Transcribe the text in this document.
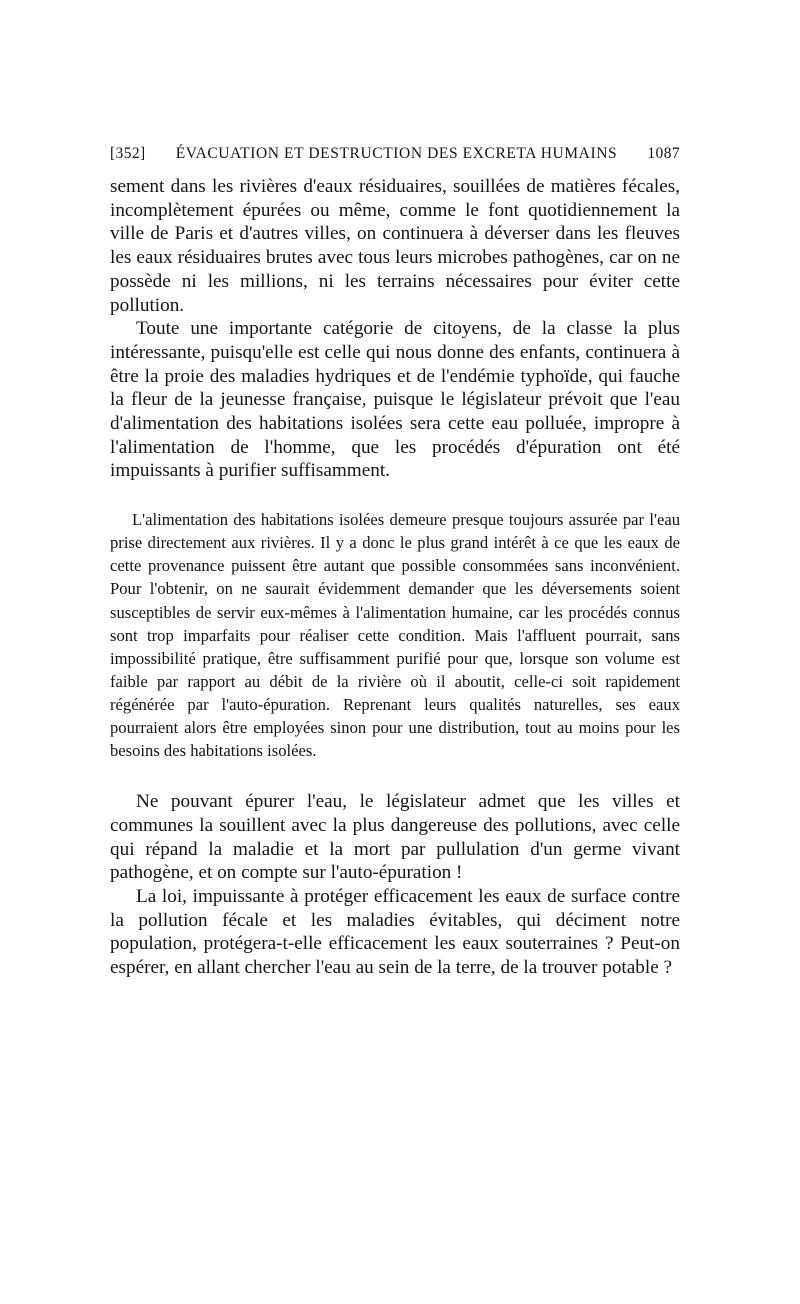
[352]	ÉVACUATION ET DESTRUCTION DES EXCRETA HUMAINS	1087

sement dans les rivières d'eaux résiduaires, souillées de matières fécales, incomplètement épurées ou même, comme le font quotidiennement la ville de Paris et d'autres villes, on continuera à déverser dans les fleuves les eaux résiduaires brutes avec tous leurs microbes pathogènes, car on ne possède ni les millions, ni les terrains nécessaires pour éviter cette pollution.

Toute une importante catégorie de citoyens, de la classe la plus intéressante, puisqu'elle est celle qui nous donne des enfants, continuera à être la proie des maladies hydriques et de l'endémie typhoïde, qui fauche la fleur de la jeunesse française, puisque le législateur prévoit que l'eau d'alimentation des habitations isolées sera cette eau polluée, impropre à l'alimentation de l'homme, que les procédés d'épuration ont été impuissants à purifier suffisamment.

L'alimentation des habitations isolées demeure presque toujours assurée par l'eau prise directement aux rivières. Il y a donc le plus grand intérêt à ce que les eaux de cette provenance puissent être autant que possible consommées sans inconvénient. Pour l'obtenir, on ne saurait évidemment demander que les déversements soient susceptibles de servir eux-mêmes à l'alimentation humaine, car les procédés connus sont trop imparfaits pour réaliser cette condition. Mais l'affluent pourrait, sans impossibilité pratique, être suffisamment purifié pour que, lorsque son volume est faible par rapport au débit de la rivière où il aboutit, celle-ci soit rapidement régénérée par l'auto-épuration. Reprenant leurs qualités naturelles, ses eaux pourraient alors être employées sinon pour une distribution, tout au moins pour les besoins des habitations isolées.

Ne pouvant épurer l'eau, le législateur admet que les villes et communes la souillent avec la plus dangereuse des pollutions, avec celle qui répand la maladie et la mort par pullulation d'un germe vivant pathogène, et on compte sur l'auto-épuration !

La loi, impuissante à protéger efficacement les eaux de surface contre la pollution fécale et les maladies évitables, qui déciment notre population, protégera-t-elle efficacement les eaux souterraines ? Peut-on espérer, en allant chercher l'eau au sein de la terre, de la trouver potable ?
